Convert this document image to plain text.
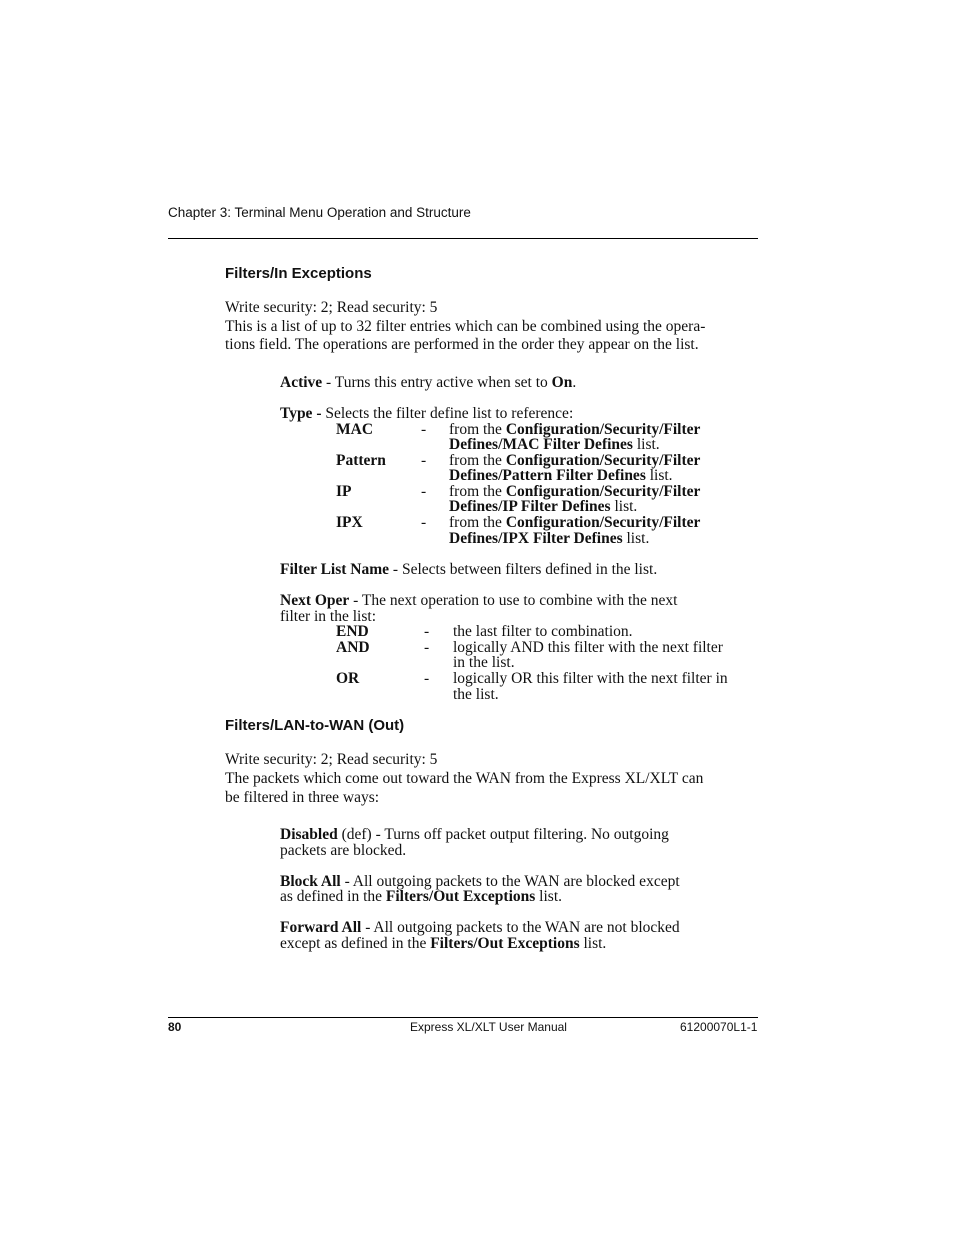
Chapter 3: Terminal Menu Operation and Structure
Filters/In Exceptions
Write security: 2; Read security: 5
This is a list of up to 32 filter entries which can be combined using the opera-
tions field. The operations are performed in the order they appear on the list.
Active - Turns this entry active when set to On.
Type - Selects the filter define list to reference:
MAC	- from the Configuration/Security/Filter
Defines/MAC Filter Defines list.
Pattern - from the Configuration/Security/Filter
Defines/Pattern Filter Defines list.
IP	- from the Configuration/Security/Filter
Defines/IP Filter Defines list.
IPX	- from the Configuration/Security/Filter
Defines/IPX Filter Defines list.
Filter List Name - Selects between filters defined in the list.
Next Oper - The next operation to use to combine with the next
filter in the list:
END	- the last filter to combination.
AND	- logically AND this filter with the next filter
in the list.
OR	- logically OR this filter with the next filter in
the list.
Filters/LAN-to-WAN (Out)
Write security: 2; Read security: 5
The packets which come out toward the WAN from the Express XL/XLT can
be filtered in three ways:
Disabled (def) - Turns off packet output filtering. No outgoing
packets are blocked.
Block All - All outgoing packets to the WAN are blocked except
as defined in the Filters/Out Exceptions list.
Forward All - All outgoing packets to the WAN are not blocked
except as defined in the Filters/Out Exceptions list.
80	Express XL/XLT User Manual	61200070L1-1
